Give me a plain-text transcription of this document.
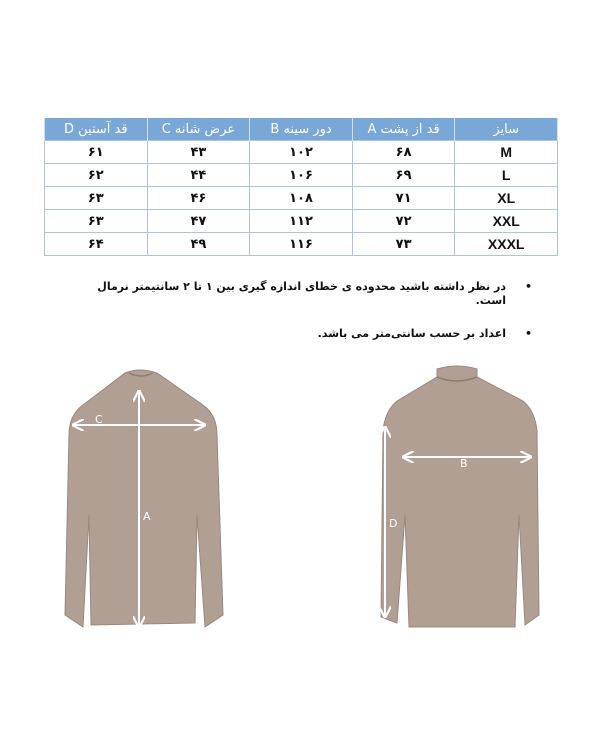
سایز	قد از پشت A	دور سینه B	عرض شانه C	قد آستین D
M	۶۸	۱۰۲	۴۳	۶۱
L	۶۹	۱۰۶	۴۴	۶۲
XL	۷۱	۱۰۸	۴۶	۶۳
XXL	۷۲	۱۱۲	۴۷	۶۳
XXXL	۷۳	۱۱۶	۴۹	۶۴
•
در نظر داشته باشید محدوده ی خطای اندازه گیری بین ۱ تا ۲ سانتیمتر نرمال است.
•
اعداد بر حسب سانتی‌متر می باشد.
C
A
B
D
